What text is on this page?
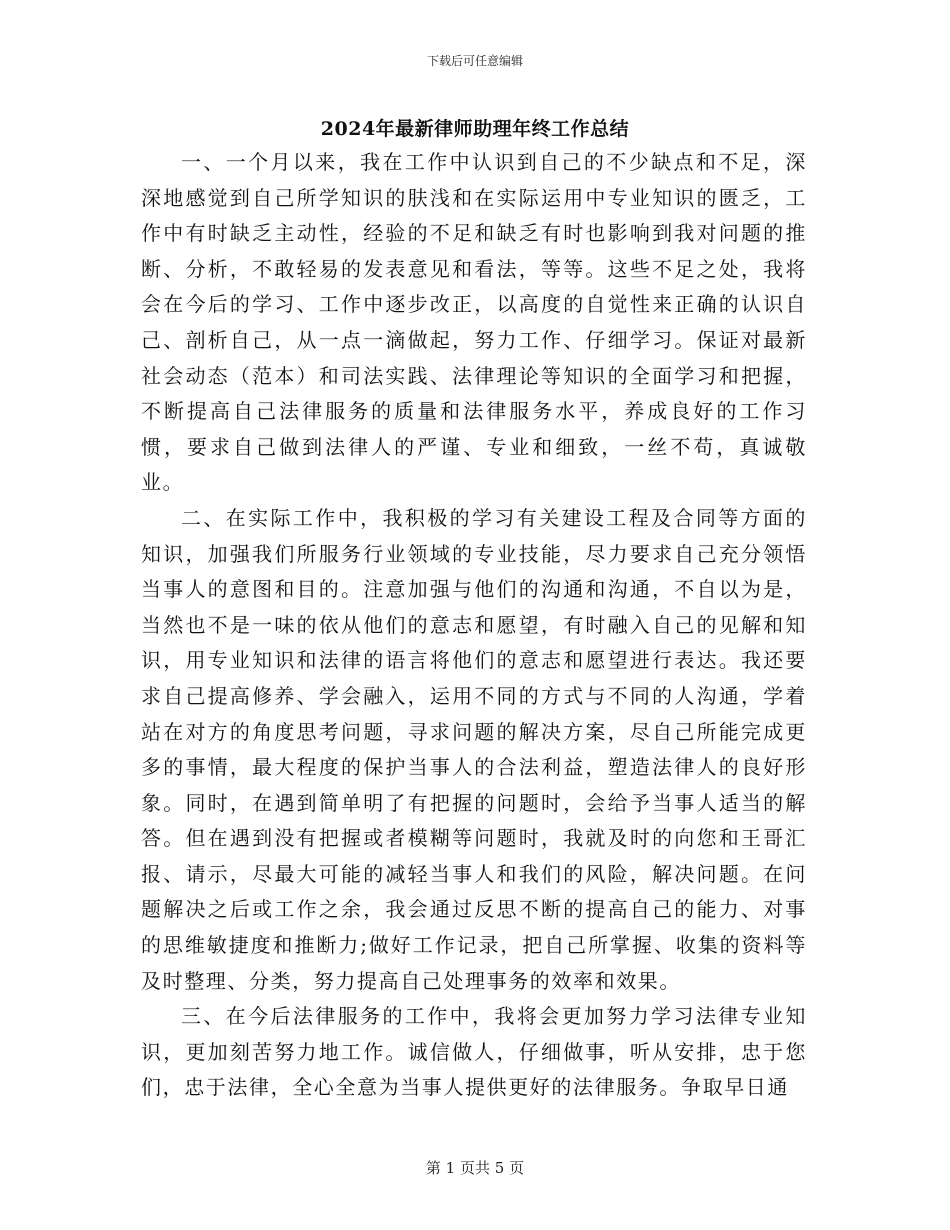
下载后可任意编辑
2024年最新律师助理年终工作总结

一、一个月以来，我在工作中认识到自己的不少缺点和不足，深深地感觉到自己所学知识的肤浅和在实际运用中专业知识的匮乏，工作中有时缺乏主动性，经验的不足和缺乏有时也影响到我对问题的推断、分析，不敢轻易的发表意见和看法，等等。这些不足之处，我将会在今后的学习、工作中逐步改正，以高度的自觉性来正确的认识自己、剖析自己，从一点一滴做起，努力工作、仔细学习。保证对最新社会动态（范本）和司法实践、法律理论等知识的全面学习和把握，不断提高自己法律服务的质量和法律服务水平，养成良好的工作习惯，要求自己做到法律人的严谨、专业和细致，一丝不苟，真诚敬业。

二、在实际工作中，我积极的学习有关建设工程及合同等方面的知识，加强我们所服务行业领域的专业技能，尽力要求自己充分领悟当事人的意图和目的。注意加强与他们的沟通和沟通，不自以为是，当然也不是一味的依从他们的意志和愿望，有时融入自己的见解和知识，用专业知识和法律的语言将他们的意志和愿望进行表达。我还要求自己提高修养、学会融入，运用不同的方式与不同的人沟通，学着站在对方的角度思考问题，寻求问题的解决方案，尽自己所能完成更多的事情，最大程度的保护当事人的合法利益，塑造法律人的良好形象。同时，在遇到简单明了有把握的问题时，会给予当事人适当的解答。但在遇到没有把握或者模糊等问题时，我就及时的向您和王哥汇报、请示，尽最大可能的减轻当事人和我们的风险，解决问题。在问题解决之后或工作之余，我会通过反思不断的提高自己的能力、对事的思维敏捷度和推断力;做好工作记录，把自己所掌握、收集的资料等及时整理、分类，努力提高自己处理事务的效率和效果。

三、在今后法律服务的工作中，我将会更加努力学习法律专业知识，更加刻苦努力地工作。诚信做人，仔细做事，听从安排，忠于您们，忠于法律，全心全意为当事人提供更好的法律服务。争取早日通

第 1 页共 5 页
